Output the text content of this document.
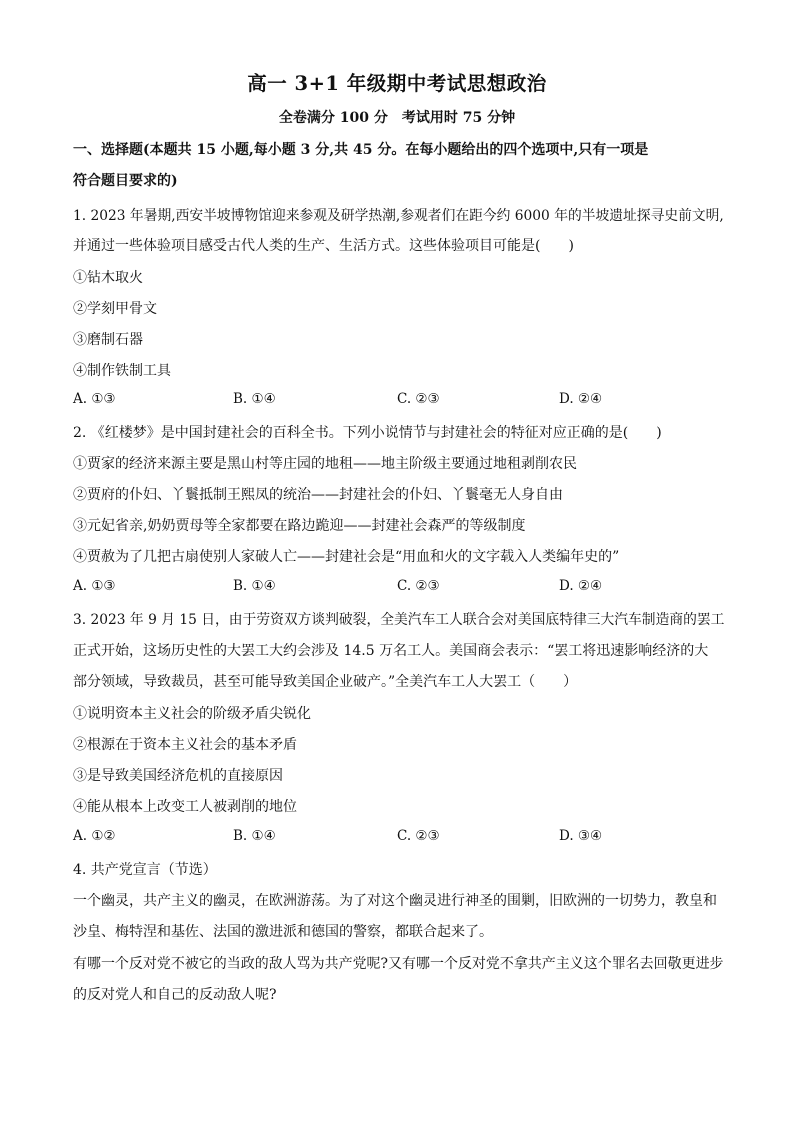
高一 3+1 年级期中考试思想政治
全卷满分 100 分　考试用时 75 分钟
一、选择题(本题共 15 小题,每小题 3 分,共 45 分。在每小题给出的四个选项中,只有一项是
符合题目要求的)
1. 2023 年暑期,西安半坡博物馆迎来参观及研学热潮,参观者们在距今约 6000 年的半坡遗址探寻史前文明,
并通过一些体验项目感受古代人类的生产、生活方式。这些体验项目可能是(　　)
①钻木取火
②学刻甲骨文
③磨制石器
④制作铁制工具
A. ①③	B. ①④	C. ②③	D. ②④
2. 《红楼梦》是中国封建社会的百科全书。下列小说情节与封建社会的特征对应正确的是(　　)
①贾家的经济来源主要是黑山村等庄园的地租——地主阶级主要通过地租剥削农民
②贾府的仆妇、丫鬟抵制王熙凤的统治——封建社会的仆妇、丫鬟毫无人身自由
③元妃省亲,奶奶贾母等全家都要在路边跪迎——封建社会森严的等级制度
④贾赦为了几把古扇使别人家破人亡——封建社会是“用血和火的文字载入人类编年史的”
A. ①③	B. ①④	C. ②③	D. ②④
3. 2023 年 9 月 15 日，由于劳资双方谈判破裂，全美汽车工人联合会对美国底特律三大汽车制造商的罢工
正式开始，这场历史性的大罢工大约会涉及 14.5 万名工人。美国商会表示：“罢工将迅速影响经济的大
部分领域，导致裁员，甚至可能导致美国企业破产。”全美汽车工人大罢工（　　）
①说明资本主义社会的阶级矛盾尖锐化
②根源在于资本主义社会的基本矛盾
③是导致美国经济危机的直接原因
④能从根本上改变工人被剥削的地位
A. ①②	B. ①④	C. ②③	D. ③④
4. 共产党宣言（节选）
一个幽灵，共产主义的幽灵，在欧洲游荡。为了对这个幽灵进行神圣的围剿，旧欧洲的一切势力，教皇和
沙皇、梅特涅和基佐、法国的激进派和德国的警察，都联合起来了。
有哪一个反对党不被它的当政的敌人骂为共产党呢?又有哪一个反对党不拿共产主义这个罪名去回敬更进步
的反对党人和自己的反动敌人呢?
